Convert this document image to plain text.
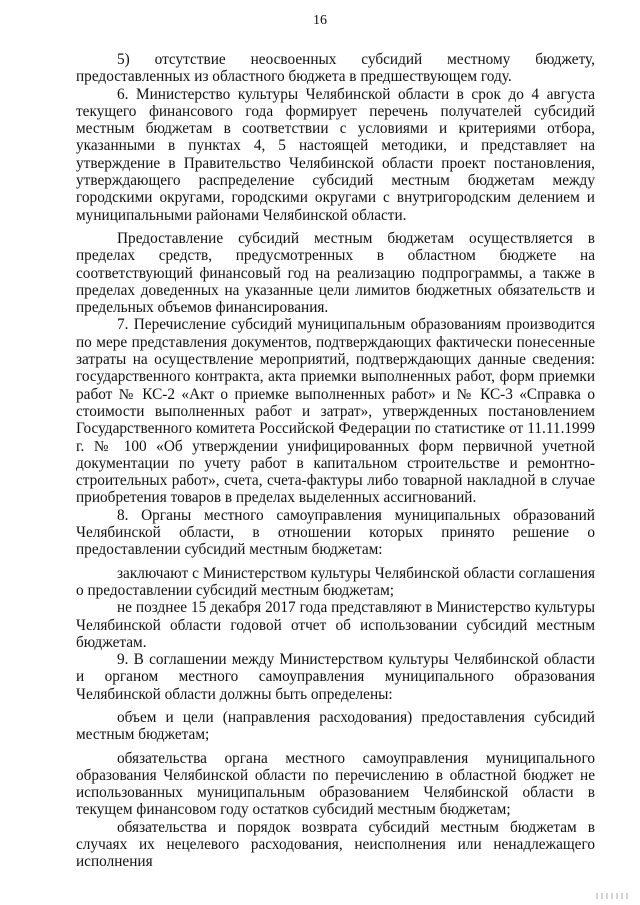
16

5) отсутствие неосвоенных субсидий местному бюджету, предоставленных из областного бюджета в предшествующем году.

6. Министерство культуры Челябинской области в срок до 4 августа текущего финансового года формирует перечень получателей субсидий местным бюджетам в соответствии с условиями и критериями отбора, указанными в пунктах 4, 5 настоящей методики, и представляет на утверждение в Правительство Челябинской области проект постановления, утверждающего распределение субсидий местным бюджетам между городскими округами, городскими округами с внутригородским делением и муниципальными районами Челябинской области.

Предоставление субсидий местным бюджетам осуществляется в пределах средств, предусмотренных в областном бюджете на соответствующий финансовый год на реализацию подпрограммы, а также в пределах доведенных на указанные цели лимитов бюджетных обязательств и предельных объемов финансирования.

7. Перечисление субсидий муниципальным образованиям производится по мере представления документов, подтверждающих фактически понесенные затраты на осуществление мероприятий, подтверждающих данные сведения: государственного контракта, акта приемки выполненных работ, форм приемки работ № КС-2 «Акт о приемке выполненных работ» и № КС-3 «Справка о стоимости выполненных работ и затрат», утвержденных постановлением Государственного комитета Российской Федерации по статистике от 11.11.1999 г. № 100 «Об утверждении унифицированных форм первичной учетной документации по учету работ в капитальном строительстве и ремонтно-строительных работ», счета, счета-фактуры либо товарной накладной в случае приобретения товаров в пределах выделенных ассигнований.

8. Органы местного самоуправления муниципальных образований Челябинской области, в отношении которых принято решение о предоставлении субсидий местным бюджетам:

заключают с Министерством культуры Челябинской области соглашения о предоставлении субсидий местным бюджетам;

не позднее 15 декабря 2017 года представляют в Министерство культуры Челябинской области годовой отчет об использовании субсидий местным бюджетам.

9. В соглашении между Министерством культуры Челябинской области и органом местного самоуправления муниципального образования Челябинской области должны быть определены:

объем и цели (направления расходования) предоставления субсидий местным бюджетам;

обязательства органа местного самоуправления муниципального образования Челябинской области по перечислению в областной бюджет не использованных муниципальным образованием Челябинской области в текущем финансовом году остатков субсидий местным бюджетам;

обязательства и порядок возврата субсидий местным бюджетам в случаях их нецелевого расходования, неисполнения или ненадлежащего исполнения
